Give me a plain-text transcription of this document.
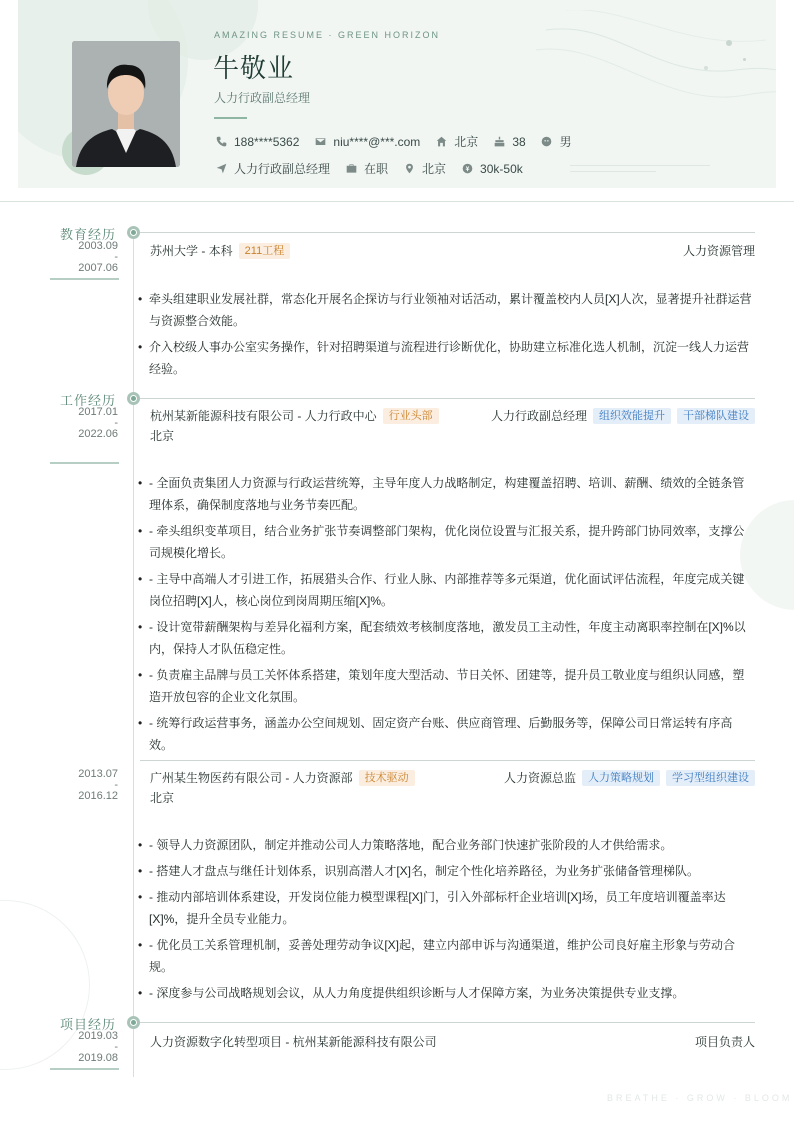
AMAZING RESUME · GREEN HORIZON
牛敬业
人力行政副总经理
188****5362	niu****@***.com	北京	38	男
人力行政副总经理	在职	北京	30k-50k
教育经历
2003.09
-
2007.06
苏州大学 - 本科	211工程	人力资源管理
• 牵头组建职业发展社群，常态化开展名企探访与行业领袖对话活动，累计覆盖校内人员[X]人次，显著提升社群运营与资源整合效能。
• 介入校级人事办公室实务操作，针对招聘渠道与流程进行诊断优化，协助建立标准化选人机制，沉淀一线人力运营经验。
工作经历
2017.01
-
2022.06
杭州某新能源科技有限公司 - 人力行政中心	行业头部	人力行政副总经理	组织效能提升	干部梯队建设
北京
• - 全面负责集团人力资源与行政运营统筹，主导年度人力战略制定，构建覆盖招聘、培训、薪酬、绩效的全链条管理体系，确保制度落地与业务节奏匹配。
• - 牵头组织变革项目，结合业务扩张节奏调整部门架构，优化岗位设置与汇报关系，提升跨部门协同效率，支撑公司规模化增长。
• - 主导中高端人才引进工作，拓展猎头合作、行业人脉、内部推荐等多元渠道，优化面试评估流程，年度完成关键岗位招聘[X]人，核心岗位到岗周期压缩[X]%。
• - 设计宽带薪酬架构与差异化福利方案，配套绩效考核制度落地，激发员工主动性，年度主动离职率控制在[X]%以内，保持人才队伍稳定性。
• - 负责雇主品牌与员工关怀体系搭建，策划年度大型活动、节日关怀、团建等，提升员工敬业度与组织认同感，塑造开放包容的企业文化氛围。
• - 统筹行政运营事务，涵盖办公空间规划、固定资产台账、供应商管理、后勤服务等，保障公司日常运转有序高效。
2013.07
-
2016.12
广州某生物医药有限公司 - 人力资源部	技术驱动	人力资源总监	人力策略规划	学习型组织建设
北京
• - 领导人力资源团队，制定并推动公司人力策略落地，配合业务部门快速扩张阶段的人才供给需求。
• - 搭建人才盘点与继任计划体系，识别高潜人才[X]名，制定个性化培养路径，为业务扩张储备管理梯队。
• - 推动内部培训体系建设，开发岗位能力模型课程[X]门，引入外部标杆企业培训[X]场，员工年度培训覆盖率达[X]%，提升全员专业能力。
• - 优化员工关系管理机制，妥善处理劳动争议[X]起，建立内部申诉与沟通渠道，维护公司良好雇主形象与劳动合规。
• - 深度参与公司战略规划会议，从人力角度提供组织诊断与人才保障方案，为业务决策提供专业支撑。
项目经历
2019.03
-
2019.08
人力资源数字化转型项目 - 杭州某新能源科技有限公司	项目负责人
BREATHE · GROW · BLOOM
